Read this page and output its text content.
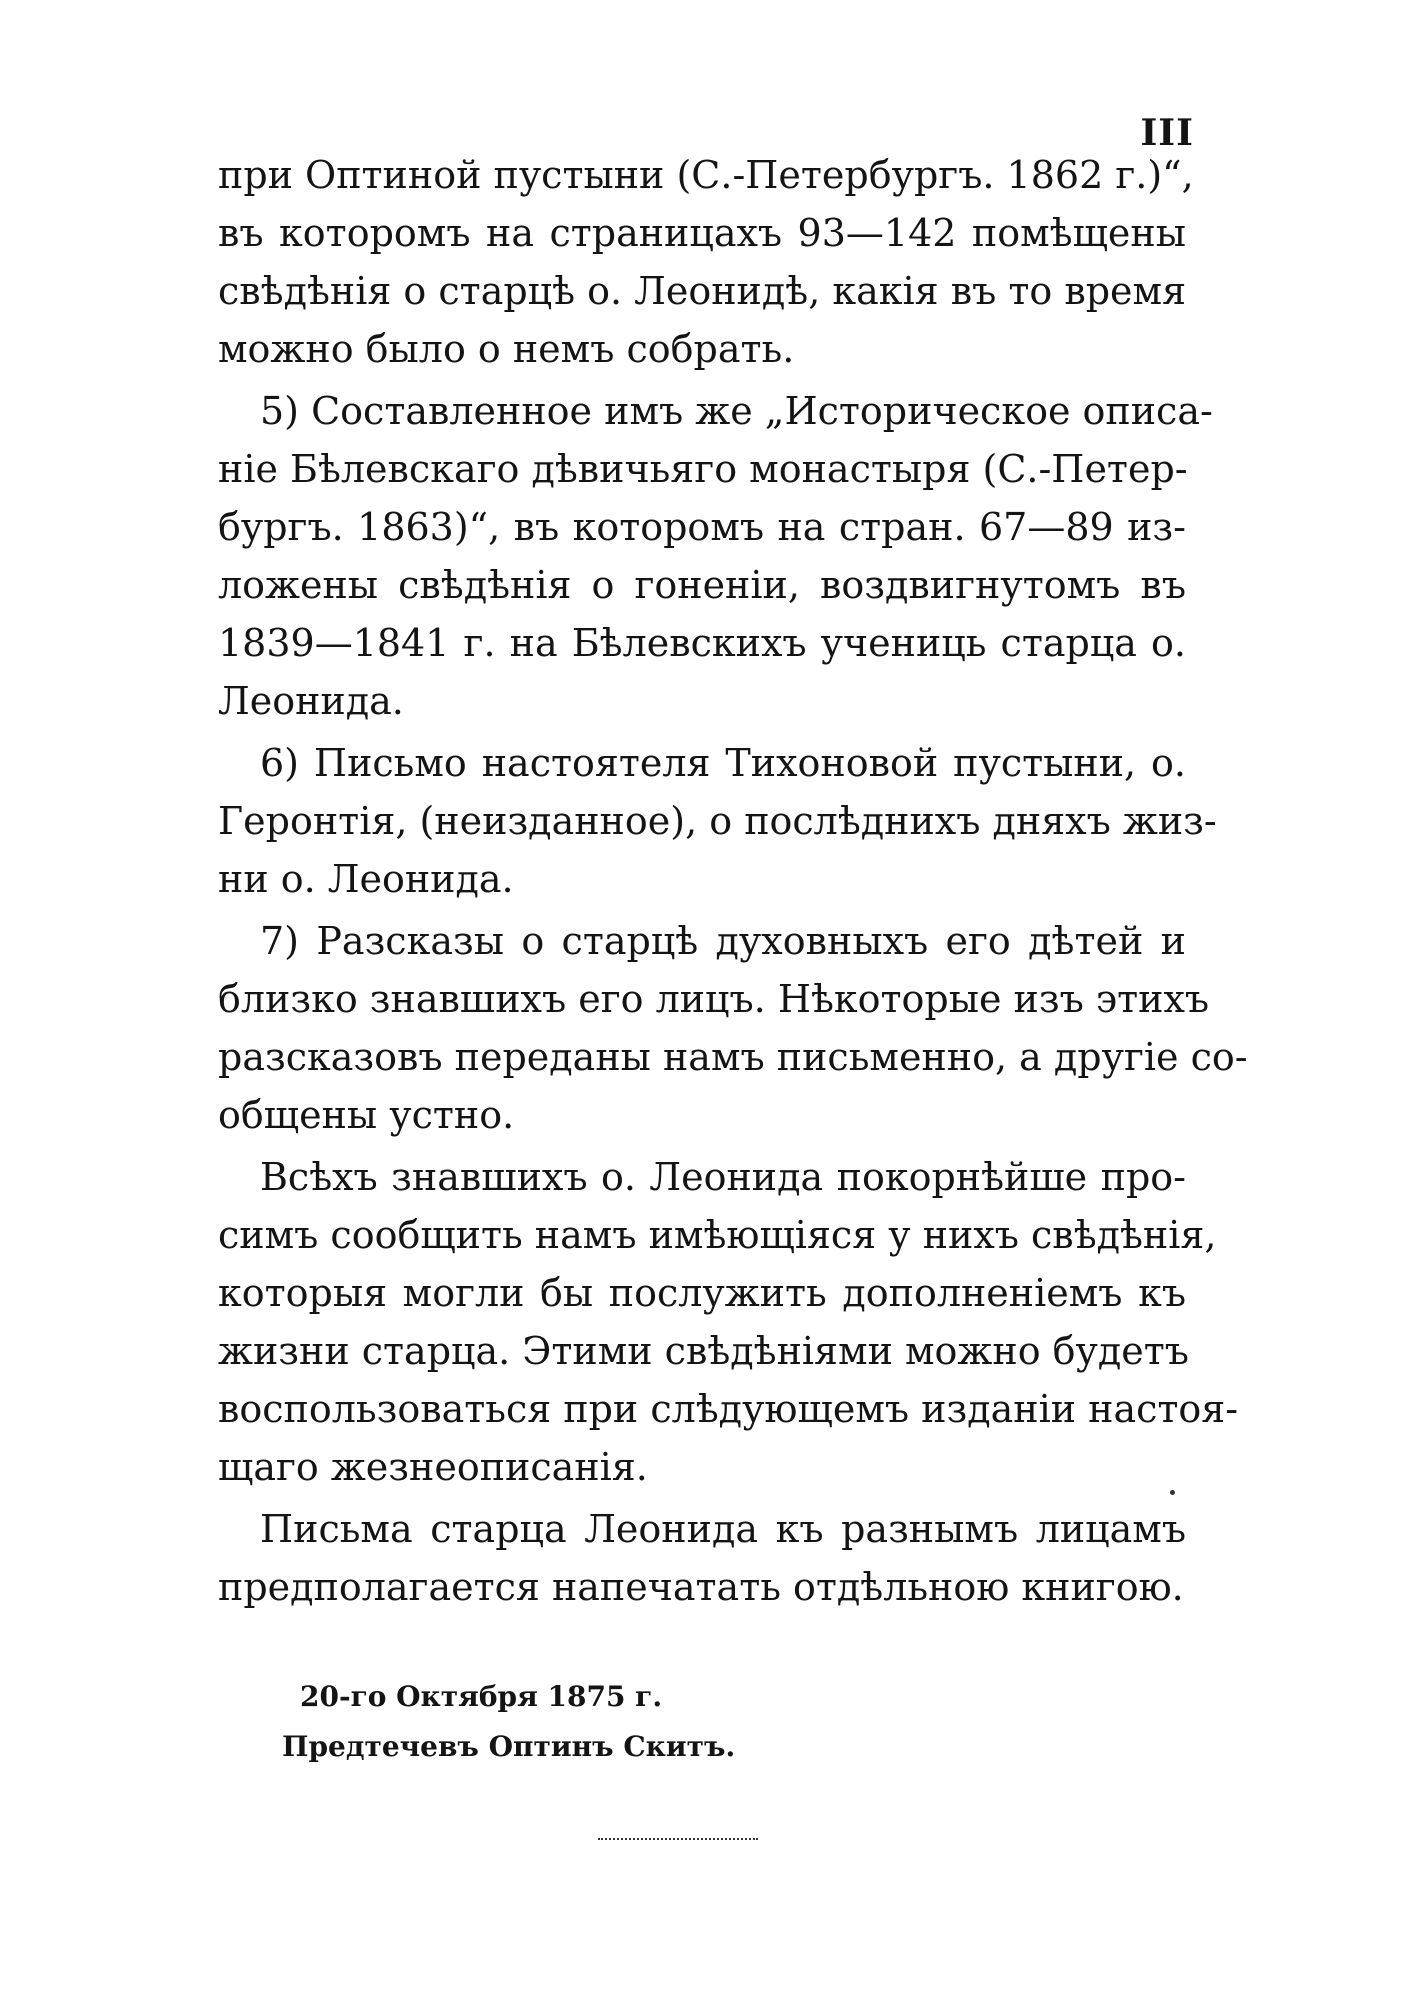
III
при Оптиной пустыни (С.-Петербургъ. 1862 г.)“,
въ которомъ на страницахъ 93—142 помѣщены
свѣдѣнія о старцѣ о. Леонидѣ, какія въ то время
можно было о немъ собрать.
5) Составленное имъ же „Историческое описа-
ніе Бѣлевскаго дѣвичьяго монастыря (С.-Петер-
бургъ. 1863)“, въ которомъ на стран. 67—89 из-
ложены свѣдѣнія о гоненіи, воздвигнутомъ въ
1839—1841 г. на Бѣлевскихъ учениць старца о.
Леонида.
6) Письмо настоятеля Тихоновой пустыни, о.
Геронтія, (неизданное), о послѣднихъ дняхъ жиз-
ни о. Леонида.
7) Разсказы о старцѣ духовныхъ его дѣтей и
близко знавшихъ его лицъ. Нѣкоторые изъ этихъ
разсказовъ переданы намъ письменно, а другіе со-
общены устно.
Всѣхъ знавшихъ о. Леонида покорнѣйше про-
симъ сообщить намъ имѣющіяся у нихъ свѣдѣнія,
которыя могли бы послужить дополненіемъ къ
жизни старца. Этими свѣдѣніями можно будетъ
воспользоваться при слѣдующемъ изданіи настоя-
щаго жезнеописанія.
Письма старца Леонида къ разнымъ лицамъ
предполагается напечатать отдѣльною книгою.
20-го Октября 1875 г.
Предтечевъ Оптинъ Скитъ.
